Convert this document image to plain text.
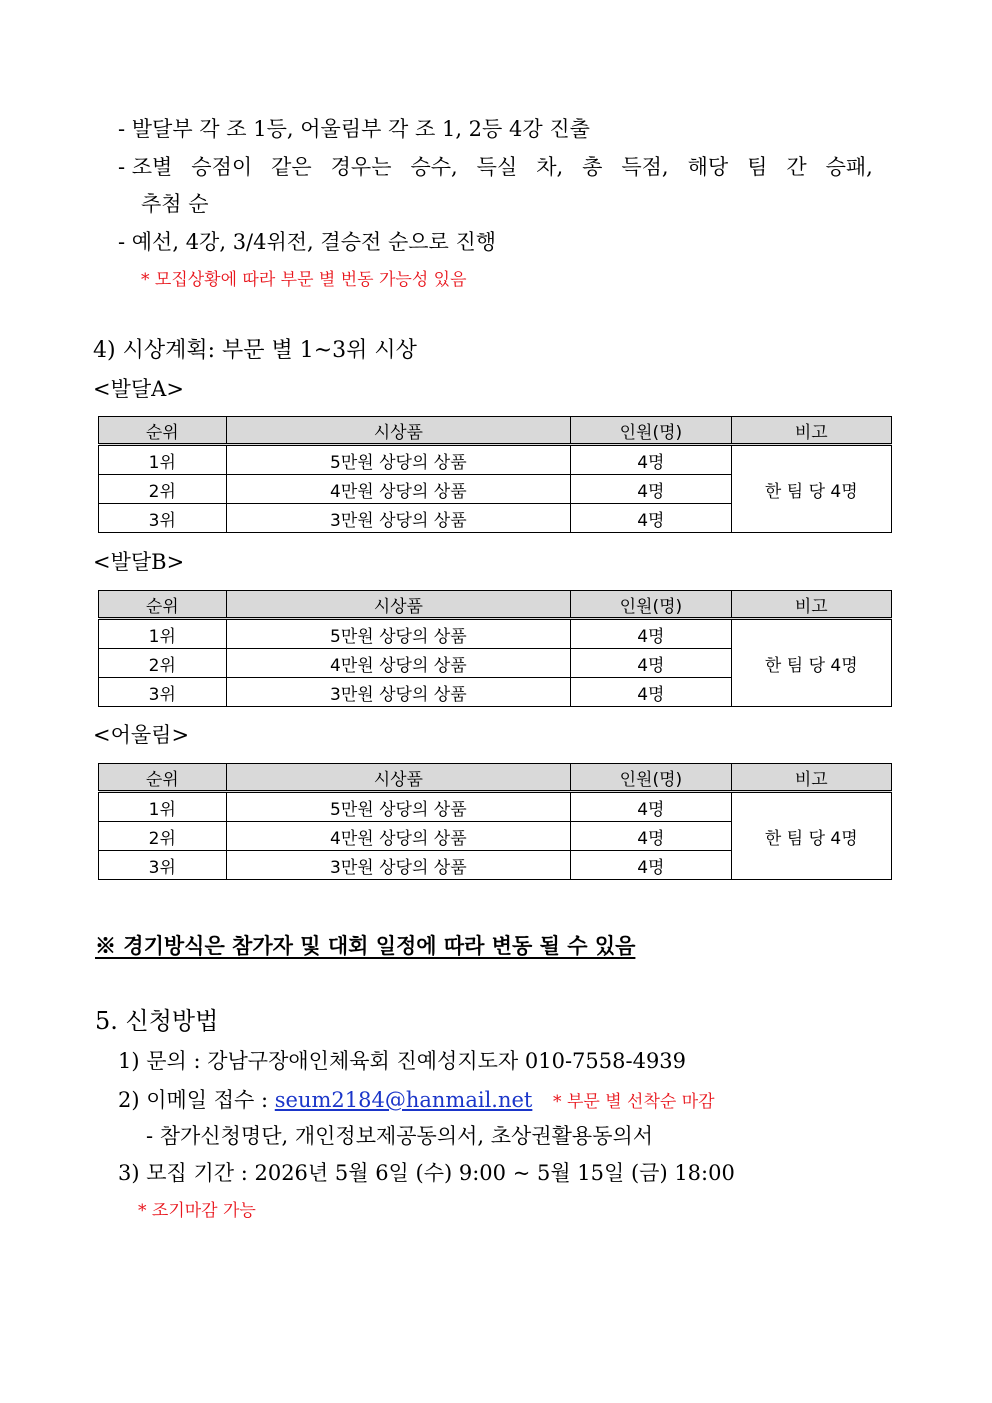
- 발달부 각 조 1등, 어울림부 각 조 1, 2등 4강 진출
- 조별 승점이 같은 경우는 승수, 득실 차, 총 득점, 해당 팀 간 승패,
추첨 순
- 예선, 4강, 3/4위전, 결승전 순으로 진행
* 모집상황에 따라 부문 별 번동 가능성 있음
4) 시상계획: 부문 별 1~3위 시상
<발달A>
순위	시상품	인원(명)	비고
1위	5만원 상당의 상품	4명	한 팀 당 4명
2위	4만원 상당의 상품	4명	
3위	3만원 상당의 상품	4명	
<발달B>
순위	시상품	인원(명)	비고
1위	5만원 상당의 상품	4명	한 팀 당 4명
2위	4만원 상당의 상품	4명	
3위	3만원 상당의 상품	4명	
<어울림>
순위	시상품	인원(명)	비고
1위	5만원 상당의 상품	4명	한 팀 당 4명
2위	4만원 상당의 상품	4명	
3위	3만원 상당의 상품	4명	
※ 경기방식은 참가자 및 대회 일정에 따라 변동 될 수 있음
5. 신청방법
1) 문의 : 강남구장애인체육회 진예성지도자 010-7558-4939
2) 이메일 접수 : seum2184@hanmail.net * 부문 별 선착순 마감
- 참가신청명단, 개인정보제공동의서, 초상권활용동의서
3) 모집 기간 : 2026년 5월 6일 (수) 9:00 ~ 5월 15일 (금) 18:00
* 조기마감 가능
